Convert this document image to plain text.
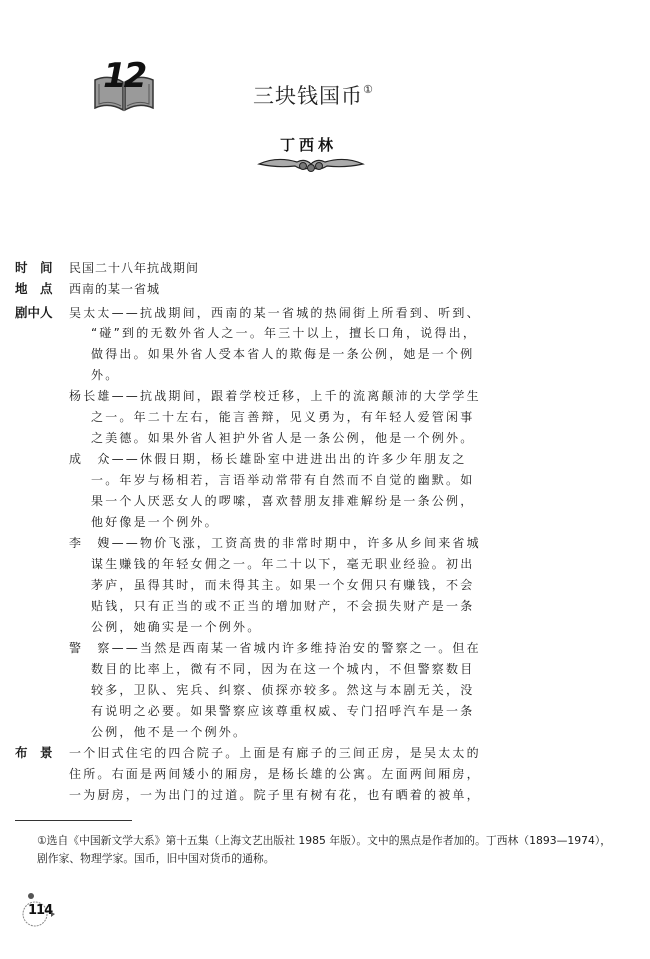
12	三块钱国币①
丁西林
时　间 民国二十八年抗战期间
地　点 西南的某一省城
剧中人 吴太太——抗战期间，西南的某一省城的热闹街上所看到、听到、
“碰”到的无数外省人之一。年三十以上，擅长口角，说得出，
做得出。如果外省人受本省人的欺侮是一条公例，她是一个例
外。
杨长雄——抗战期间，跟着学校迁移，上千的流离颠沛的大学学生
之一。年二十左右，能言善辩，见义勇为，有年轻人爱管闲事
之美德。如果外省人袒护外省人是一条公例，他是一个例外。
成　众——休假日期，杨长雄卧室中进进出出的许多少年朋友之
一。年岁与杨相若，言语举动常带有自然而不自觉的幽默。如
果一个人厌恶女人的啰嗦，喜欢替朋友排难解纷是一条公例，
他好像是一个例外。
李　嫂——物价飞涨，工资高贵的非常时期中，许多从乡间来省城
谋生赚钱的年轻女佣之一。年二十以下，毫无职业经验。初出
茅庐，虽得其时，而未得其主。如果一个女佣只有赚钱，不会
贴钱，只有正当的或不正当的增加财产，不会损失财产是一条
公例，她确实是一个例外。
警　察——当然是西南某一省城内许多维持治安的警察之一。但在
数目的比率上，微有不同，因为在这一个城内，不但警察数目
较多，卫队、宪兵、纠察、侦探亦较多。然这与本剧无关，没
有说明之必要。如果警察应该尊重权威、专门招呼汽车是一条
公例，他不是一个例外。
布　景 一个旧式住宅的四合院子。上面是有廊子的三间正房，是吴太太的
住所。右面是两间矮小的厢房，是杨长雄的公寓。左面两间厢房，
一为厨房，一为出门的过道。院子里有树有花，也有晒着的被单，
①选自《中国新文学大系》第十五集（上海文艺出版社 1985 年版）。文中的黑点是作者加的。丁西林（1893—1974），
剧作家、物理学家。国币，旧中国对货币的通称。
114
